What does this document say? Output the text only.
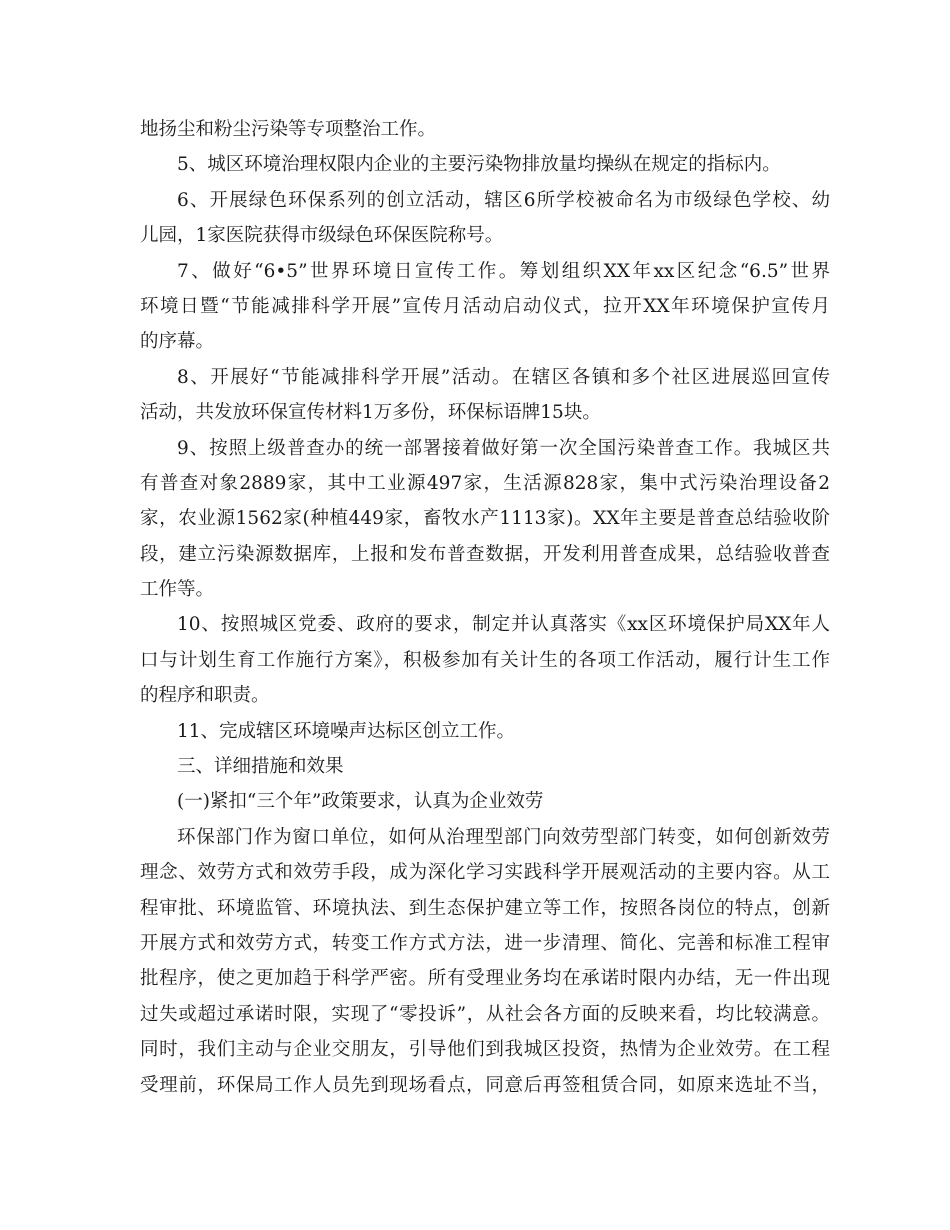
地扬尘和粉尘污染等专项整治工作。
5、城区环境治理权限内企业的主要污染物排放量均操纵在规定的指标内。
6、开展绿色环保系列的创立活动，辖区6所学校被命名为市级绿色学校、幼
儿园，1家医院获得市级绿色环保医院称号。
7、做好“6•5”世界环境日宣传工作。筹划组织XX年xx区纪念“6.5”世界
环境日暨“节能减排科学开展”宣传月活动启动仪式，拉开XX年环境保护宣传月
的序幕。
8、开展好“节能减排科学开展”活动。在辖区各镇和多个社区进展巡回宣传
活动，共发放环保宣传材料1万多份，环保标语牌15块。
9、按照上级普查办的统一部署接着做好第一次全国污染普查工作。我城区共
有普查对象2889家，其中工业源497家，生活源828家，集中式污染治理设备2
家，农业源1562家(种植449家，畜牧水产1113家)。XX年主要是普查总结验收阶
段，建立污染源数据库，上报和发布普查数据，开发利用普查成果，总结验收普查
工作等。
10、按照城区党委、政府的要求，制定并认真落实《xx区环境保护局XX年人
口与计划生育工作施行方案》，积极参加有关计生的各项工作活动，履行计生工作
的程序和职责。
11、完成辖区环境噪声达标区创立工作。
三、详细措施和效果
(一)紧扣“三个年”政策要求，认真为企业效劳
环保部门作为窗口单位，如何从治理型部门向效劳型部门转变，如何创新效劳
理念、效劳方式和效劳手段，成为深化学习实践科学开展观活动的主要内容。从工
程审批、环境监管、环境执法、到生态保护建立等工作，按照各岗位的特点，创新
开展方式和效劳方式，转变工作方式方法，进一步清理、简化、完善和标准工程审
批程序，使之更加趋于科学严密。所有受理业务均在承诺时限内办结，无一件出现
过失或超过承诺时限，实现了“零投诉”，从社会各方面的反映来看，均比较满意。
同时，我们主动与企业交朋友，引导他们到我城区投资，热情为企业效劳。在工程
受理前，环保局工作人员先到现场看点，同意后再签租赁合同，如原来选址不当，
